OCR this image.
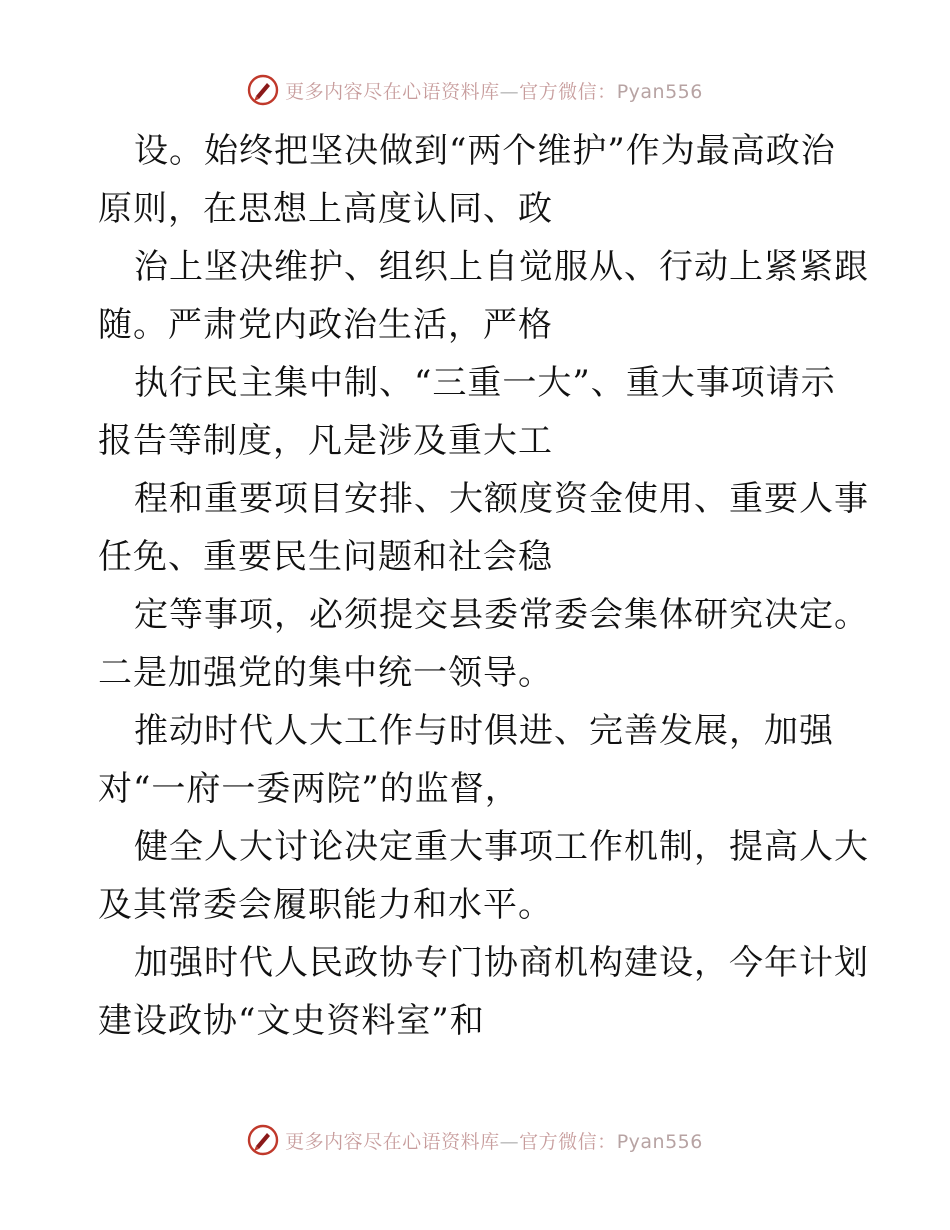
更多内容尽在心语资料库—官方微信：Pyan556
设。始终把坚决做到“两个维护”作为最高政治
原则，在思想上高度认同、政
治上坚决维护、组织上自觉服从、行动上紧紧跟
随。严肃党内政治生活，严格
执行民主集中制、“三重一大”、重大事项请示
报告等制度，凡是涉及重大工
程和重要项目安排、大额度资金使用、重要人事
任免、重要民生问题和社会稳
定等事项，必须提交县委常委会集体研究决定。
二是加强党的集中统一领导。
推动时代人大工作与时俱进、完善发展，加强
对“一府一委两院”的监督，
健全人大讨论决定重大事项工作机制，提高人大
及其常委会履职能力和水平。
加强时代人民政协专门协商机构建设，今年计划
建设政协“文史资料室”和
更多内容尽在心语资料库—官方微信：Pyan556
